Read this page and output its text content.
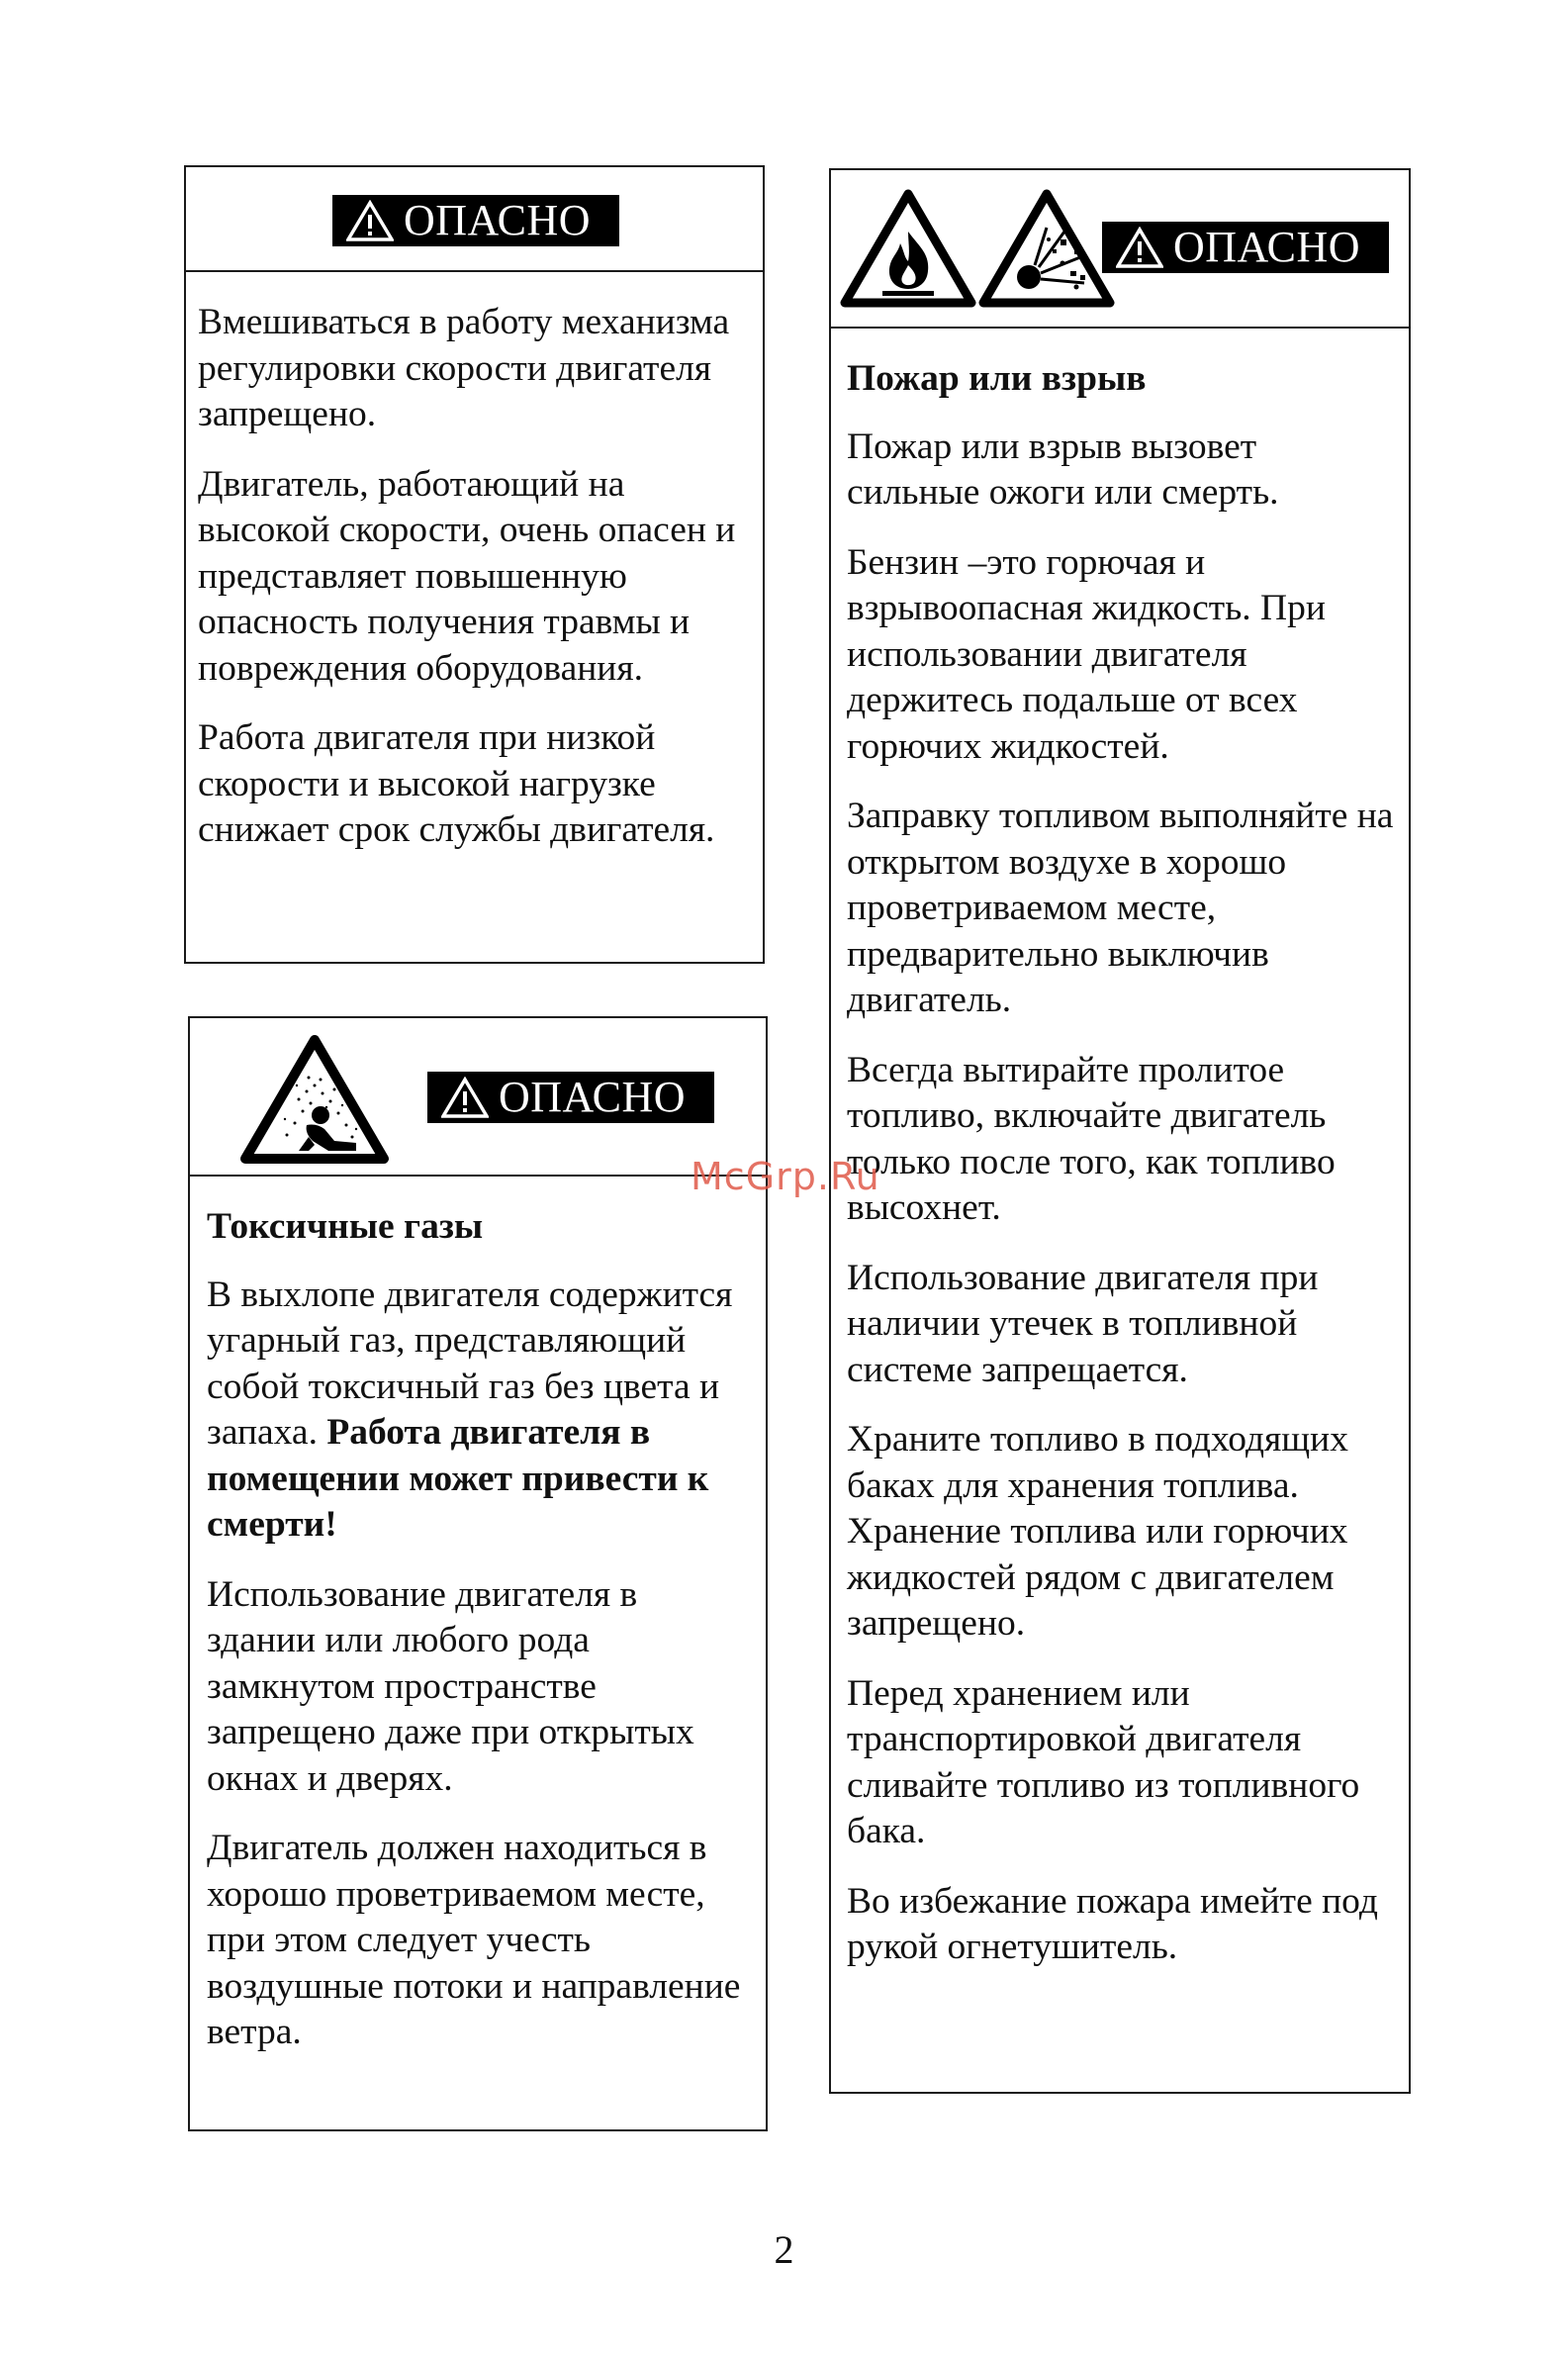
ОПАСНО

Вмешиваться в работу механизма регулировки скорости двигателя запрещено.

Двигатель, работающий на высокой скорости, очень опасен и представляет повышенную опасность получения травмы и повреждения оборудования.

Работа двигателя при низкой скорости и высокой нагрузке снижает срок службы двигателя.

ОПАСНО

Токсичные газы

В выхлопе двигателя содержится угарный газ, представляющий собой токсичный газ без цвета и запаха. Работа двигателя в помещении может привести к смерти!

Использование двигателя в здании или любого рода замкнутом пространстве запрещено даже при открытых окнах и дверях.

Двигатель должен находиться в хорошо проветриваемом месте, при этом следует учесть воздушные потоки и направление ветра.

ОПАСНО

Пожар или взрыв

Пожар или взрыв вызовет сильные ожоги или смерть.

Бензин –это горючая и взрывоопасная жидкость. При использовании двигателя держитесь подальше от всех горючих жидкостей.

Заправку топливом выполняйте на открытом воздухе в хорошо проветриваемом месте, предварительно выключив двигатель.

Всегда вытирайте пролитое топливо, включайте двигатель только после того, как топливо высохнет.

Использование двигателя при наличии утечек в топливной системе запрещается.

Храните топливо в подходящих баках для хранения топлива. Хранение топлива или горючих жидкостей рядом с двигателем запрещено.

Перед хранением или транспортировкой двигателя сливайте топливо из топливного бака.

Во избежание пожара имейте под рукой огнетушитель.

McGrp.Ru
2
